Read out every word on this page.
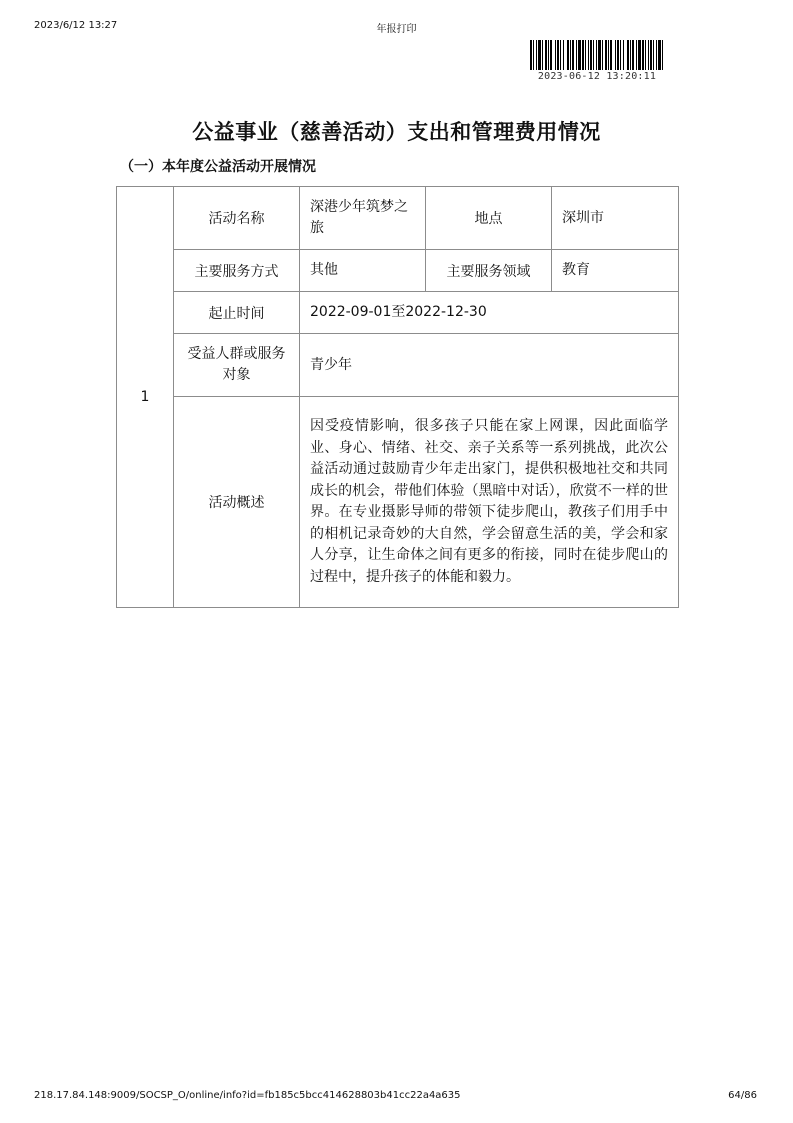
2023/6/12 13:27	年报打印
2023-06-12 13:20:11
公益事业（慈善活动）支出和管理费用情况
（一）本年度公益活动开展情况
1	活动名称	深港少年筑梦之旅	地点	深圳市
	主要服务方式	其他	主要服务领域	教育
	起止时间	2022-09-01至2022-12-30		
	受益人群或服务对象	青少年		
	活动概述	因受疫情影响，很多孩子只能在家上网课，因此面临学业、身心、情绪、社交、亲子关系等一系列挑战，此次公益活动通过鼓励青少年走出家门，提供积极地社交和共同成长的机会，带他们体验（黑暗中对话），欣赏不一样的世界。在专业摄影导师的带领下徒步爬山，教孩子们用手中的相机记录奇妙的大自然，学会留意生活的美，学会和家人分享，让生命体之间有更多的衔接，同时在徒步爬山的过程中，提升孩子的体能和毅力。		
218.17.84.148:9009/SOCSP_O/online/info?id=fb185c5bcc414628803b41cc22a4a635	64/86
